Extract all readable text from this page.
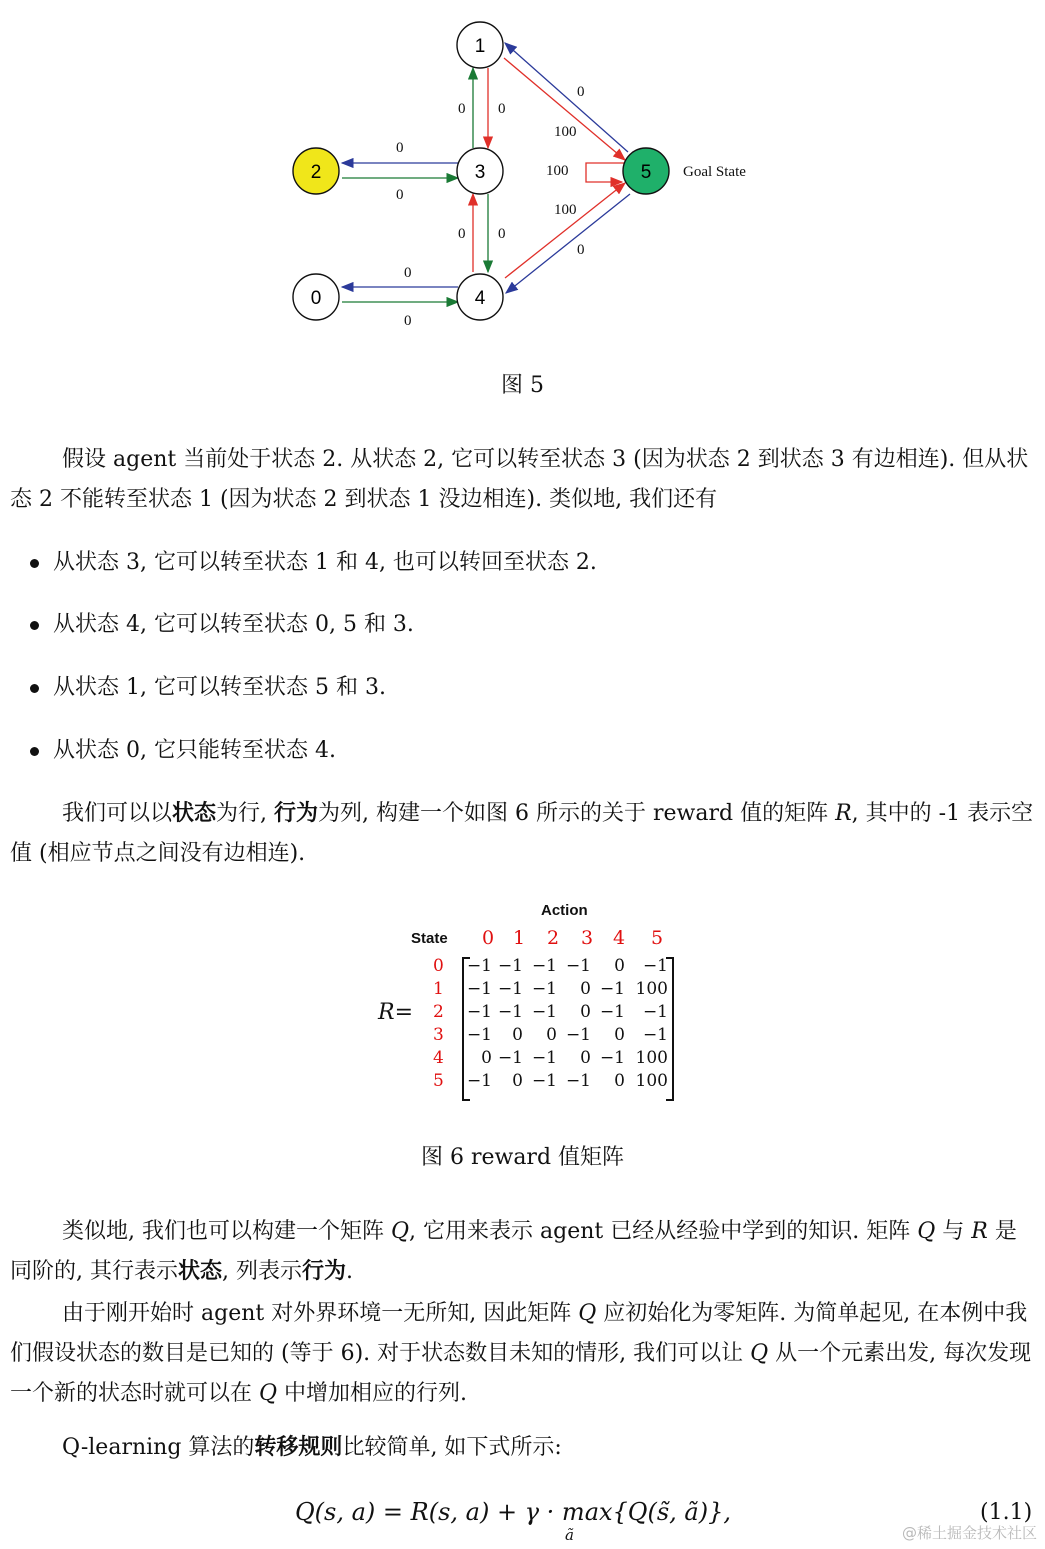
1
2	3
0	4
5
0 0
0
0
0 0
0
0
0
100
100
100
0
Goal State
图 5
假设 agent 当前处于状态 2. 从状态 2, 它可以转至状态 3 (因为状态 2 到状态 3 有边相连). 但从状态 2 不能转至状态 1 (因为状态 2 到状态 1 没边相连). 类似地, 我们还有
从状态 3, 它可以转至状态 1 和 4, 也可以转回至状态 2.
从状态 4, 它可以转至状态 0, 5 和 3.
从状态 1, 它可以转至状态 5 和 3.
从状态 0, 它只能转至状态 4.
我们可以以状态为行, 行为为列, 构建一个如图 6 所示的关于 reward 值的矩阵 R, 其中的 -1 表示空值 (相应节点之间没有边相连).
Action
State 0 1 2 3 4 5
R=
0
1
2
3
4
5
−1 −1 −1 −1	0	−1
−1 −1 −1	0 −1 100
−1 −1 −1	0 −1	−1
−1	0	0 −1	0	−1
0 −1 −1	0 −1 100
−1	0 −1 −1	0 100
图 6 reward 值矩阵
类似地, 我们也可以构建一个矩阵 Q, 它用来表示 agent 已经从经验中学到的知识. 矩阵 Q 与 R 是同阶的, 其行表示状态, 列表示行为.
由于刚开始时 agent 对外界环境一无所知, 因此矩阵 Q 应初始化为零矩阵. 为简单起见, 在本例中我们假设状态的数目是已知的 (等于 6). 对于状态数目未知的情形, 我们可以让 Q 从一个元素出发, 每次发现一个新的状态时就可以在 Q 中增加相应的行列.
Q-learning 算法的转移规则比较简单, 如下式所示:
Q(s, a) = R(s, a) + γ · max{Q(s̃, ã)},
ã
(1.1)
@稀土掘金技术社区
